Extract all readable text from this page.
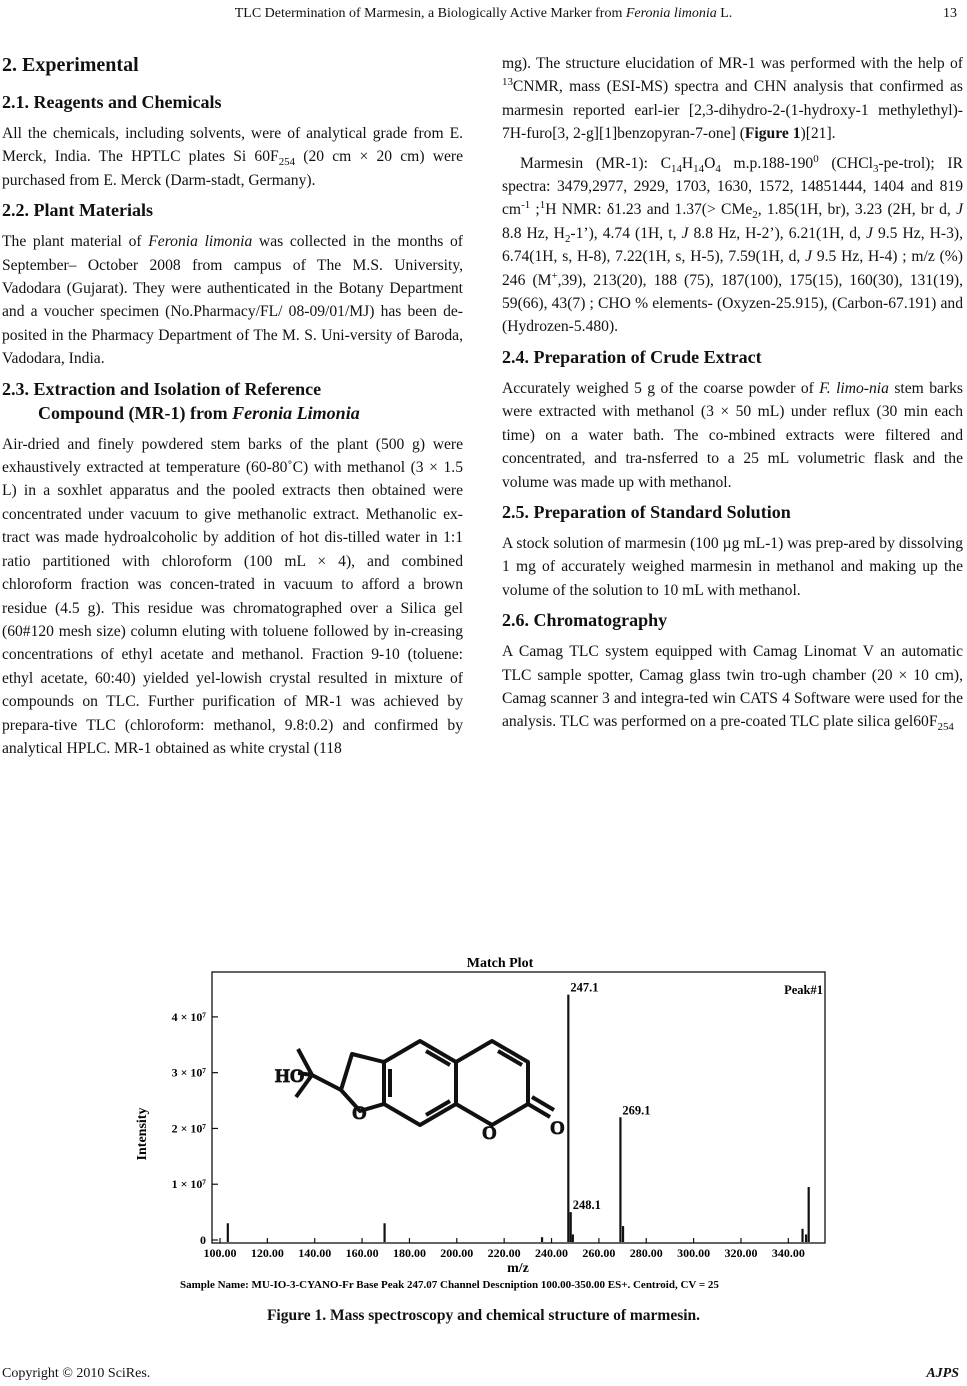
TLC Determination of Marmesin, a Biologically Active Marker from Feronia limonia L.	13
2. Experimental
2.1. Reagents and Chemicals

All the chemicals, including solvents, were of analytical grade from E. Merck, India. The HPTLC plates Si $60F_{254}$ (20 cm × 20 cm) were purchased from E. Merck (Darm-stadt, Germany).

2.2. Plant Materials

The plant material of Feronia limonia was collected in the months of September– October 2008 from campus of The M.S. University, Vadodara (Gujarat). They were authenticated in the Botany Department and a voucher specimen (No.Pharmacy/FL/ 08-09/01/MJ) has been de-posited in the Pharmacy Department of The M. S. Uni-versity of Baroda, Vadodara, India.

2.3. Extraction and Isolation of Reference
Compound (MR-1) from Feronia Limonia

Air-dried and finely powdered stem barks of the plant (500 g) were exhaustively extracted at temperature (60-80˚C) with methanol (3 × 1.5 L) in a soxhlet apparatus and the pooled extracts then obtained were concentrated under vacuum to give methanolic extract. Methanolic ex-tract was made hydroalcoholic by addition of hot dis-tilled water in 1:1 ratio partitioned with chloroform (100 mL × 4), and combined chloroform fraction was concen-trated in vacuum to afford a brown residue (4.5 g). This residue was chromatographed over a Silica gel (60#120 mesh size) column eluting with toluene followed by in-creasing concentrations of ethyl acetate and methanol. Fraction 9-10 (toluene: ethyl acetate, 60:40) yielded yel-lowish crystal resulted in mixture of compounds on TLC. Further purification of MR-1 was achieved by prepara-tive TLC (chloroform: methanol, 9.8:0.2) and confirmed by analytical HPLC. MR-1 obtained as white crystal (118

mg). The structure elucidation of MR-1 was performed with the help of $^{13}$CNMR, mass (ESI-MS) spectra and CHN analysis that confirmed as marmesin reported earl-ier [2,3-dihydro-2-(1-hydroxy-1 methylethyl)- 7H-furo[3, 2-g][1]benzopyran-7-one] (Figure 1)[21].

Marmesin (MR-1): $C_{14}H_{14}O_4$ $m.p.188-190^0$ (CHCl$_3$-pe-trol); IR spectra: 3479,2977, 2929, 1703, 1630, 1572, 14851444, 1404 and 819 $cm^{-1}$ ;$^1$H NMR: δ1.23 and 1.37(> CMe$_2$, 1.85(1H, br), 3.23 (2H, br d, J 8.8 Hz, $H_2-1$’), 4.74 (1H, t, J 8.8 Hz, H-2’), 6.21(1H, d, J 9.5 Hz, H-3), 6.74(1H, s, H-8), 7.22(1H, s, H-5), 7.59(1H, d, J 9.5 Hz, H-4) ; m/z (%) 246 (M+,39), 213(20), 188 (75), 187(100), 175(15), 160(30), 131(19), 59(66), 43(7) ; CHO % elements- (Oxyzen-25.915), (Carbon-67.191) and (Hydrozen-5.480).

2.4. Preparation of Crude Extract

Accurately weighed 5 g of the coarse powder of F. limo-nia stem barks were extracted with methanol (3 × 50 mL) under reflux (30 min each time) on a water bath. The co-mbined extracts were filtered and concentrated, and tra-nsferred to a 25 mL volumetric flask and the volume was made up with methanol.

2.5. Preparation of Standard Solution

A stock solution of marmesin (100 µg mL-1) was prep-ared by dissolving 1 mg of accurately weighed marmesin in methanol and making up the volume of the solution to 10 mL with methanol.

2.6. Chromatography

A Camag TLC system equipped with Camag Linomat V an automatic TLC sample spotter, Camag glass twin tro-ugh chamber (20 × 10 cm), Camag scanner 3 and integra-ted win CATS 4 Software were used for the analysis. TLC was performed on a pre-coated TLC plate silica $gel60F_{254}$

Match Plot
Peak#1
Intensity
m/z
Sample Name: MU-IO-3-CYANO-Fr Base Peak 247.07 Channel Descniption 100.00-350.00 ES+. Centroid, CV = 25
0
1 × 10⁷
2 × 10⁷
3 × 10⁷
4 × 10⁷
100.00 120.00 140.00 160.00 180.00 200.00 220.00 240.00 260.00 280.00 300.00 320.00 340.00
247.1
248.1
269.1
HO
O
O	O
Figure 1. Mass spectroscopy and chemical structure of marmesin.
Copyright © 2010 SciRes.	AJPS
